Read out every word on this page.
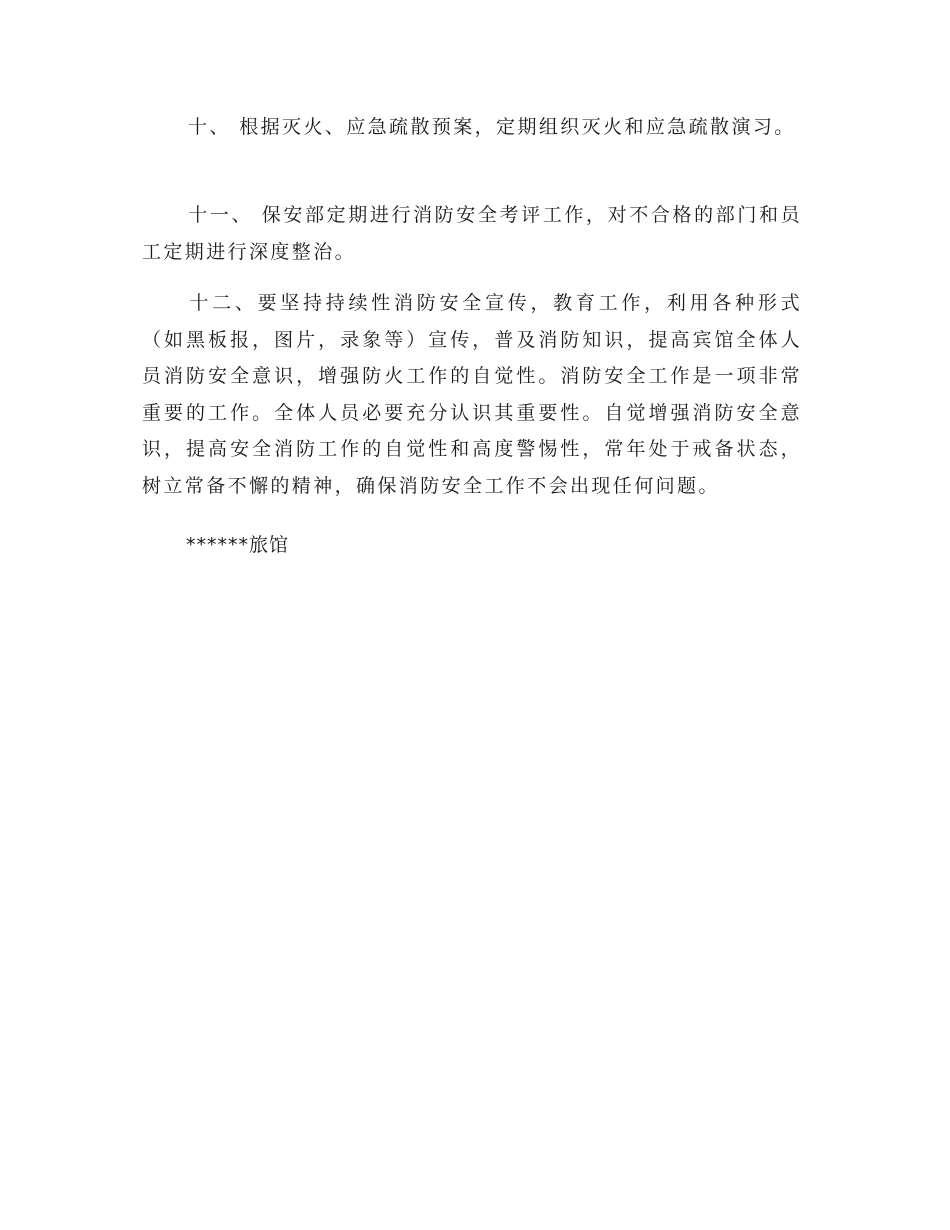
十、 根据灭火、应急疏散预案，定期组织灭火和应急疏散演习。

十一、 保安部定期进行消防安全考评工作，对不合格的部门和员工定期进行深度整治。

十二、要坚持持续性消防安全宣传，教育工作，利用各种形式（如黑板报，图片，录象等）宣传，普及消防知识，提高宾馆全体人员消防安全意识，增强防火工作的自觉性。消防安全工作是一项非常重要的工作。全体人员必要充分认识其重要性。自觉增强消防安全意识，提高安全消防工作的自觉性和高度警惕性，常年处于戒备状态，树立常备不懈的精神，确保消防安全工作不会出现任何问题。

******旅馆
